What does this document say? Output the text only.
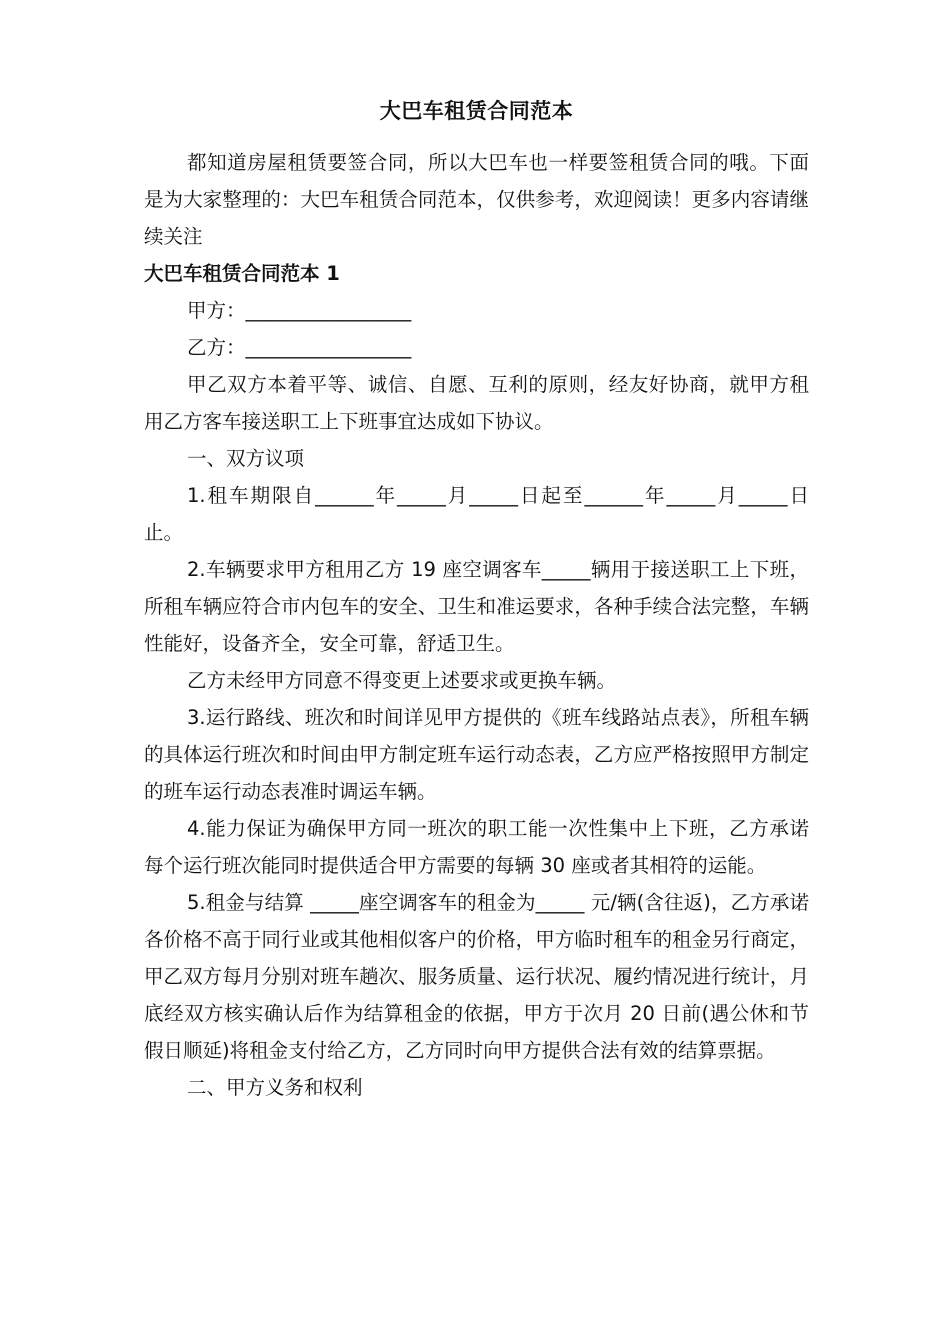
大巴车租赁合同范本

都知道房屋租赁要签合同，所以大巴车也一样要签租赁合同的哦。下面是为大家整理的：大巴车租赁合同范本，仅供参考，欢迎阅读！更多内容请继续关注

大巴车租赁合同范本 1

甲方：_________________

乙方：_________________

甲乙双方本着平等、诚信、自愿、互利的原则，经友好协商，就甲方租用乙方客车接送职工上下班事宜达成如下协议。

一、双方议项

1.租车期限自______年_____月_____日起至______年_____月_____日止。

2.车辆要求甲方租用乙方 19 座空调客车_____辆用于接送职工上下班，所租车辆应符合市内包车的安全、卫生和准运要求，各种手续合法完整，车辆性能好，设备齐全，安全可靠，舒适卫生。

乙方未经甲方同意不得变更上述要求或更换车辆。

3.运行路线、班次和时间详见甲方提供的《班车线路站点表》，所租车辆的具体运行班次和时间由甲方制定班车运行动态表，乙方应严格按照甲方制定的班车运行动态表准时调运车辆。

4.能力保证为确保甲方同一班次的职工能一次性集中上下班，乙方承诺每个运行班次能同时提供适合甲方需要的每辆 30 座或者其相符的运能。

5.租金与结算 _____座空调客车的租金为_____ 元/辆(含往返)，乙方承诺各价格不高于同行业或其他相似客户的价格，甲方临时租车的租金另行商定，甲乙双方每月分别对班车趟次、服务质量、运行状况、履约情况进行统计，月底经双方核实确认后作为结算租金的依据，甲方于次月 20 日前(遇公休和节假日顺延)将租金支付给乙方，乙方同时向甲方提供合法有效的结算票据。

二、甲方义务和权利
